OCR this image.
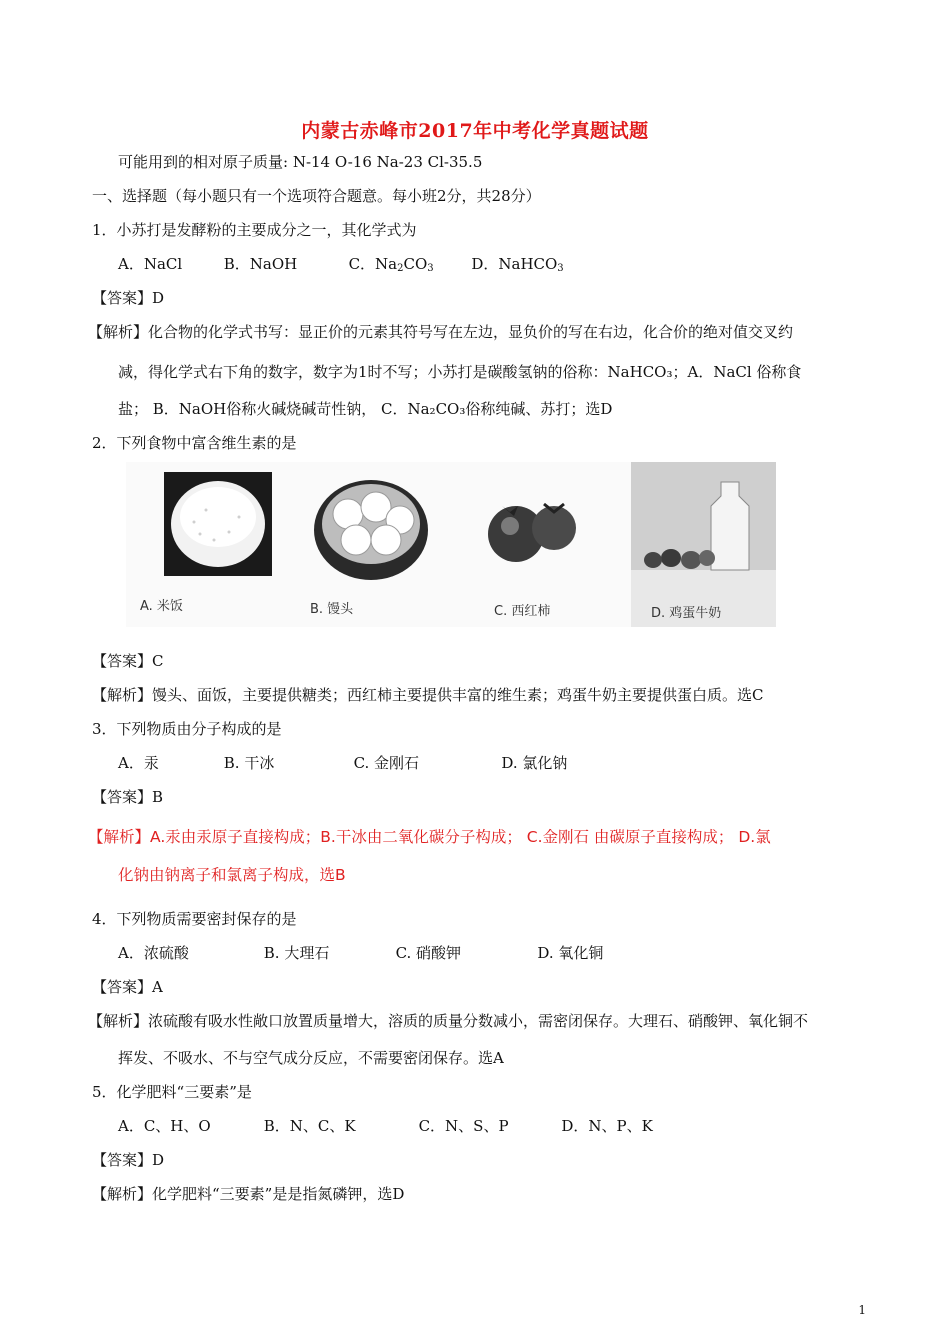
内蒙古赤峰市2017年中考化学真题试题
可能用到的相对原子质量: N-14 O-16 Na-23 Cl-35.5
一、选择题（每小题只有一个选项符合题意。每小班2分，共28分）
1．小苏打是发酵粉的主要成分之一，其化学式为
A．NaCl	B．NaOH	C．$Na_2CO_3$	D．NaHCO$_3$
【答案】D
【解析】化合物的化学式书写：显正价的元素其符号写在左边，显负价的写在右边，化合价的绝对值交叉约
减，得化学式右下角的数字，数字为1时不写；小苏打是碳酸氢钠的俗称：NaHCO₃；A．NaCl 俗称食
盐； B．NaOH俗称火碱烧碱苛性钠， C．Na₂CO₃俗称纯碱、苏打；选D
2．下列食物中富含维生素的是
A. 米饭	B. 馒头	C. 西红柿	D. 鸡蛋牛奶
【答案】C
【解析】馒头、面饭，主要提供糖类；西红柿主要提供丰富的维生素；鸡蛋牛奶主要提供蛋白质。选C
3．下列物质由分子构成的是
A．汞	B. 干冰	C. 金刚石	D. 氯化钠
【答案】B
【解析】A.汞由汞原子直接构成；B.干冰由二氧化碳分子构成； C.金刚石 由碳原子直接构成； D.氯
化钠由钠离子和氯离子构成，选B
4．下列物质需要密封保存的是
A．浓硫酸	B. 大理石	C. 硝酸钾	D. 氧化铜
【答案】A
【解析】浓硫酸有吸水性敞口放置质量增大，溶质的质量分数减小，需密闭保存。大理石、硝酸钾、氧化铜不
挥发、不吸水、不与空气成分反应，不需要密闭保存。选A
5．化学肥料“三要素”是
A．C、H、O	B．N、C、K	C．N、S、P	D．N、P、K
【答案】D
【解析】化学肥料“三要素”是是指氮磷钾，选D
1
